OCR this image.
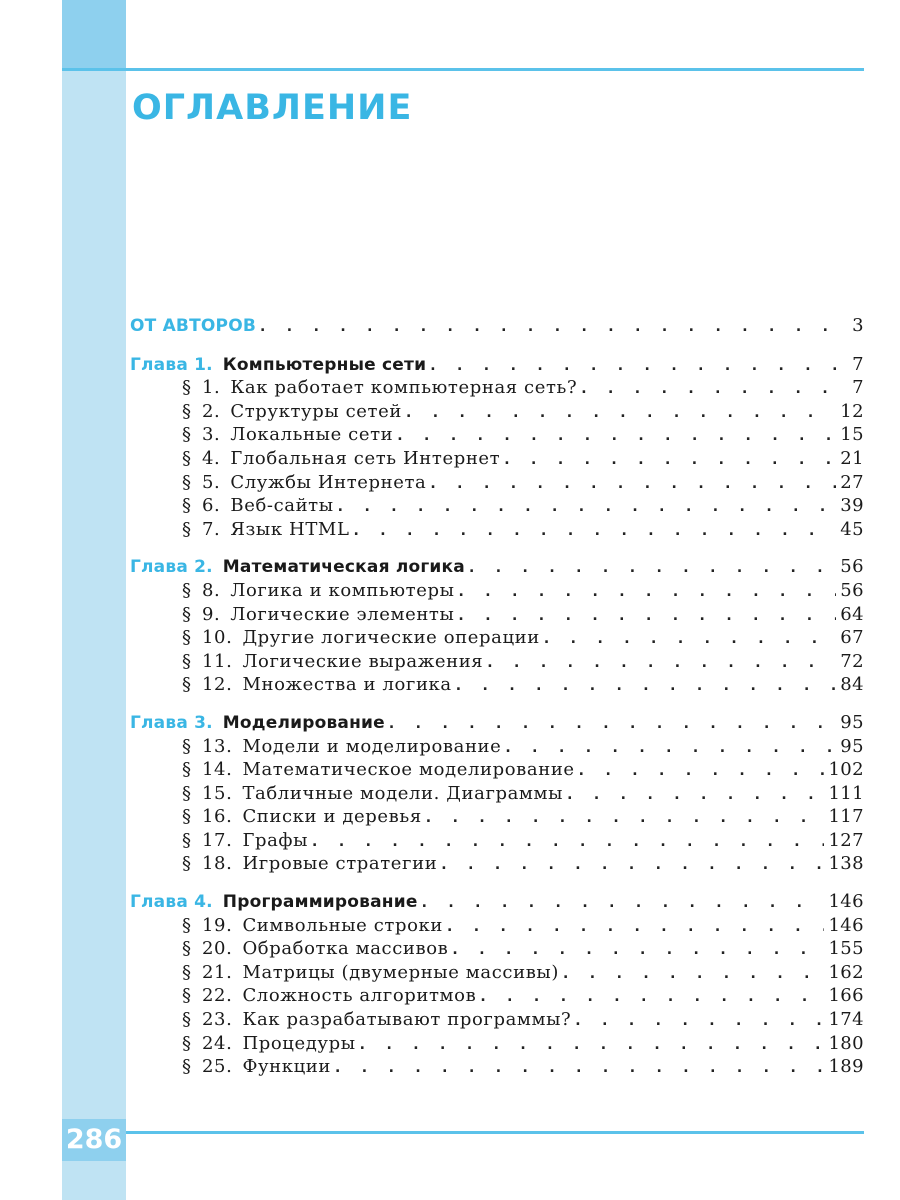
ОГЛАВЛЕНИЕ
ОТ АВТОРОВ . . .	3
Глава 1. Компьютерные сети . . .	7
§ 1. Как работает компьютерная сеть? . . .	7
§ 2. Структуры сетей . . .	12
§ 3. Локальные сети . . .	15
§ 4. Глобальная сеть Интернет . . .	21
§ 5. Службы Интернета . . .	27
§ 6. Веб-сайты . . .	39
§ 7. Язык HTML . . .	45
Глава 2. Математическая логика . . .	56
§ 8. Логика и компьютеры . . .	56
§ 9. Логические элементы . . .	64
§ 10. Другие логические операции . . .	67
§ 11. Логические выражения . . .	72
§ 12. Множества и логика . . .	84
Глава 3. Моделирование . . .	95
§ 13. Модели и моделирование . . .	95
§ 14. Математическое моделирование . . .	102
§ 15. Табличные модели. Диаграммы . . .	111
§ 16. Списки и деревья . . .	117
§ 17. Графы . . .	127
§ 18. Игровые стратегии . . .	138
Глава 4. Программирование . . .	146
§ 19. Символьные строки . . .	146
§ 20. Обработка массивов . . .	155
§ 21. Матрицы (двумерные массивы) . . .	162
§ 22. Сложность алгоритмов . . .	166
§ 23. Как разрабатывают программы? . . .	174
§ 24. Процедуры . . .	180
§ 25. Функции . . .	189
286
